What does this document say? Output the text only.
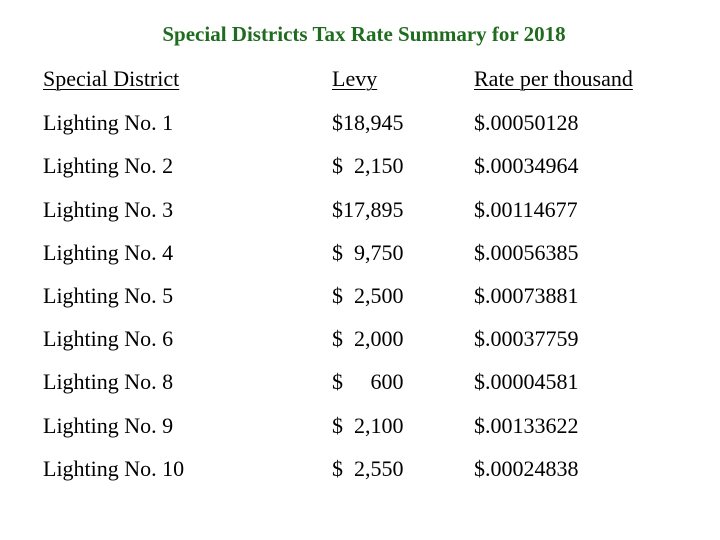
Special Districts Tax Rate Summary for 2018
Special District	Levy	Rate per thousand
Lighting No. 1	$18,945	$.00050128
Lighting No. 2	$  2,150	$.00034964
Lighting No. 3	$17,895	$.00114677
Lighting No. 4	$  9,750	$.00056385
Lighting No. 5	$  2,500	$.00073881
Lighting No. 6	$  2,000	$.00037759
Lighting No. 8	$     600	$.00004581
Lighting No. 9	$  2,100	$.00133622
Lighting No. 10	$  2,550	$.00024838
